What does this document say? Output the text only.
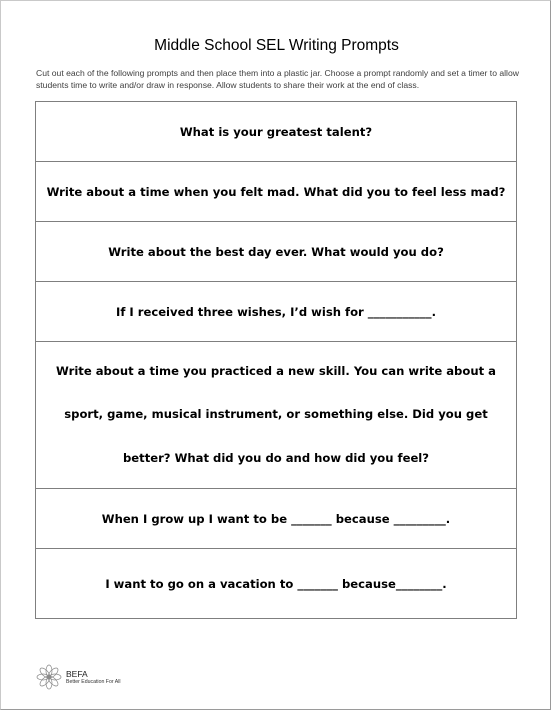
Middle School SEL Writing Prompts
Cut out each of the following prompts and then place them into a plastic jar. Choose a prompt randomly and set a timer to allow students time to write and/or draw in response. Allow students to share their work at the end of class.
What is your greatest talent?
Write about a time when you felt mad. What did you to feel less mad?
Write about the best day ever. What would you do?
If I received three wishes, I’d wish for ___________.
Write about a time you practiced a new skill. You can write about a sport, game, musical instrument, or something else. Did you get better? What did you do and how did you feel?
When I grow up I want to be _______ because _________.
I want to go on a vacation to _______ because________.
BEFA
Better Education For All
